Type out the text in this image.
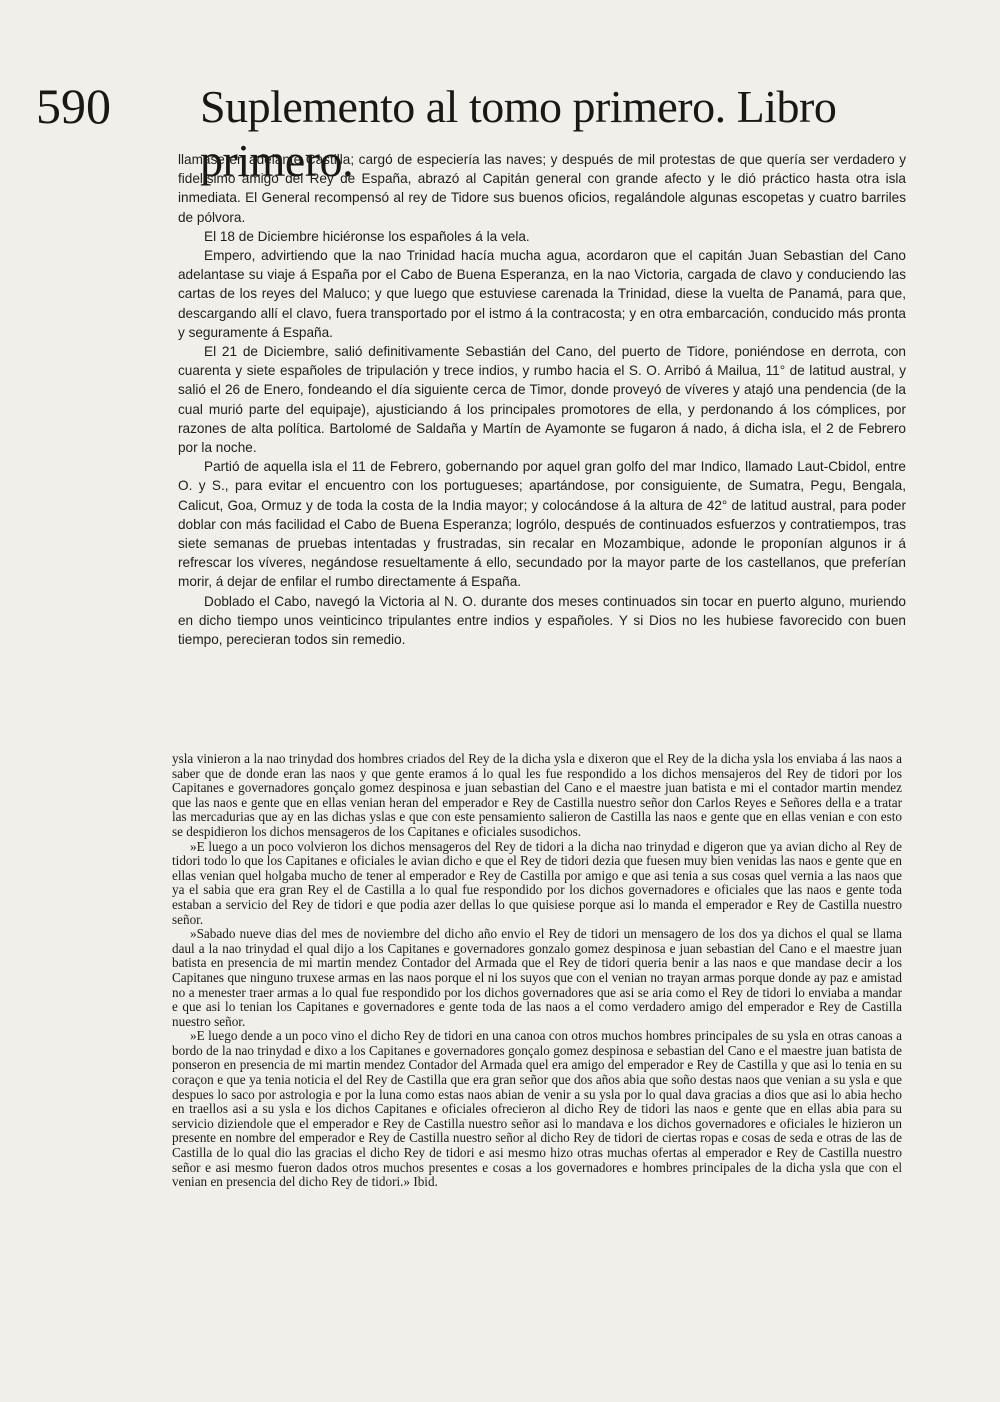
590 Suplemento al tomo primero. Libro primero.

llamase en adelante Castilla; cargó de especiería las naves; y después de mil protestas de que quería ser verdadero y fidelísimo amigo del Rey de España, abrazó al Capitán general con grande afecto y le dió práctico hasta otra isla inmediata. El General recompensó al rey de Tidore sus buenos oficios, regalándole algunas escopetas y cuatro barriles de pólvora.

El 18 de Diciembre hiciéronse los españoles á la vela.

Empero, advirtiendo que la nao Trinidad hacía mucha agua, acordaron que el capitán Juan Sebastian del Cano adelantase su viaje á España por el Cabo de Buena Esperanza, en la nao Victoria, cargada de clavo y conduciendo las cartas de los reyes del Maluco; y que luego que estuviese carenada la Trinidad, diese la vuelta de Panamá, para que, descargando allí el clavo, fuera transportado por el istmo á la contracosta; y en otra embarcación, conducido más pronta y seguramente á España.

El 21 de Diciembre, salió definitivamente Sebastián del Cano, del puerto de Tidore, poniéndose en derrota, con cuarenta y siete españoles de tripulación y trece indios, y rumbo hacia el S. O. Arribó á Mailua, 11° de latitud austral, y salió el 26 de Enero, fondeando el día siguiente cerca de Timor, donde proveyó de víveres y atajó una pendencia (de la cual murió parte del equipaje), ajusticiando á los principales promotores de ella, y perdonando á los cómplices, por razones de alta política. Bartolomé de Saldaña y Martín de Ayamonte se fugaron á nado, á dicha isla, el 2 de Febrero por la noche.

Partió de aquella isla el 11 de Febrero, gobernando por aquel gran golfo del mar Indico, llamado Laut-Cbidol, entre O. y S., para evitar el encuentro con los portugueses; apartándose, por consiguiente, de Sumatra, Pegu, Bengala, Calicut, Goa, Ormuz y de toda la costa de la India mayor; y colocándose á la altura de 42° de latitud austral, para poder doblar con más facilidad el Cabo de Buena Esperanza; logrólo, después de continuados esfuerzos y contratiempos, tras siete semanas de pruebas intentadas y frustradas, sin recalar en Mozambique, adonde le proponían algunos ir á refrescar los víveres, negándose resueltamente á ello, secundado por la mayor parte de los castellanos, que preferían morir, á dejar de enfilar el rumbo directamente á España.

Doblado el Cabo, navegó la Victoria al N. O. durante dos meses continuados sin tocar en puerto alguno, muriendo en dicho tiempo unos veinticinco tripulantes entre indios y españoles. Y si Dios no les hubiese favorecido con buen tiempo, perecieran todos sin remedio.

ysla vinieron a la nao trinydad dos hombres criados del Rey de la dicha ysla e dixeron que el Rey de la dicha ysla los enviaba á las naos a saber que de donde eran las naos y que gente eramos á lo qual les fue respondido a los dichos mensajeros del Rey de tidori por los Capitanes e governadores gonçalo gomez despinosa e juan sebastian del Cano e el maestre juan batista e mi el contador martin mendez que las naos e gente que en ellas venian heran del emperador e Rey de Castilla nuestro señor don Carlos Reyes e Señores della e a tratar las mercadurias que ay en las dichas yslas e que con este pensamiento salieron de Castilla las naos e gente que en ellas venian e con esto se despidieron los dichos mensageros de los Capitanes e oficiales susodichos.

»E luego a un poco volvieron los dichos mensageros del Rey de tidori a la dicha nao trinydad e digeron que ya avian dicho al Rey de tidori todo lo que los Capitanes e oficiales le avian dicho e que el Rey de tidori dezia que fuesen muy bien venidas las naos e gente que en ellas venian quel holgaba mucho de tener al emperador e Rey de Castilla por amigo e que asi tenia a sus cosas quel vernia a las naos que ya el sabia que era gran Rey el de Castilla a lo qual fue respondido por los dichos governadores e oficiales que las naos e gente toda estaban a servicio del Rey de tidori e que podia azer dellas lo que quisiese porque asi lo manda el emperador e Rey de Castilla nuestro señor.

»Sabado nueve dias del mes de noviembre del dicho año envio el Rey de tidori un mensagero de los dos ya dichos el qual se llama daul a la nao trinydad el qual dijo a los Capitanes e governadores gonzalo gomez despinosa e juan sebastian del Cano e el maestre juan batista en presencia de mi martin mendez Contador del Armada que el Rey de tidori queria benir a las naos e que mandase decir a los Capitanes que ninguno truxese armas en las naos porque el ni los suyos que con el venian no trayan armas porque donde ay paz e amistad no a menester traer armas a lo qual fue respondido por los dichos governadores que asi se aria como el Rey de tidori lo enviaba a mandar e que asi lo tenian los Capitanes e governadores e gente toda de las naos a el como verdadero amigo del emperador e Rey de Castilla nuestro señor.

»E luego dende a un poco vino el dicho Rey de tidori en una canoa con otros muchos hombres principales de su ysla en otras canoas a bordo de la nao trinydad e dixo a los Capitanes e governadores gonçalo gomez despinosa e sebastian del Cano e el maestre juan batista de ponseron en presencia de mi martin mendez Contador del Armada quel era amigo del emperador e Rey de Castilla y que asi lo tenia en su coraçon e que ya tenia noticia el del Rey de Castilla que era gran señor que dos años abia que soño destas naos que venian a su ysla e que despues lo saco por astrologia e por la luna como estas naos abian de venir a su ysla por lo qual dava gracias a dios que asi lo abia hecho en traellos asi a su ysla e los dichos Capitanes e oficiales ofrecieron al dicho Rey de tidori las naos e gente que en ellas abia para su servicio diziendole que el emperador e Rey de Castilla nuestro señor asi lo mandava e los dichos governadores e oficiales le hizieron un presente en nombre del emperador e Rey de Castilla nuestro señor al dicho Rey de tidori de ciertas ropas e cosas de seda e otras de las de Castilla de lo qual dio las gracias el dicho Rey de tidori e asi mesmo hizo otras muchas ofertas al emperador e Rey de Castilla nuestro señor e asi mesmo fueron dados otros muchos presentes e cosas a los governadores e hombres principales de la dicha ysla que con el venian en presencia del dicho Rey de tidori.» Ibid.
